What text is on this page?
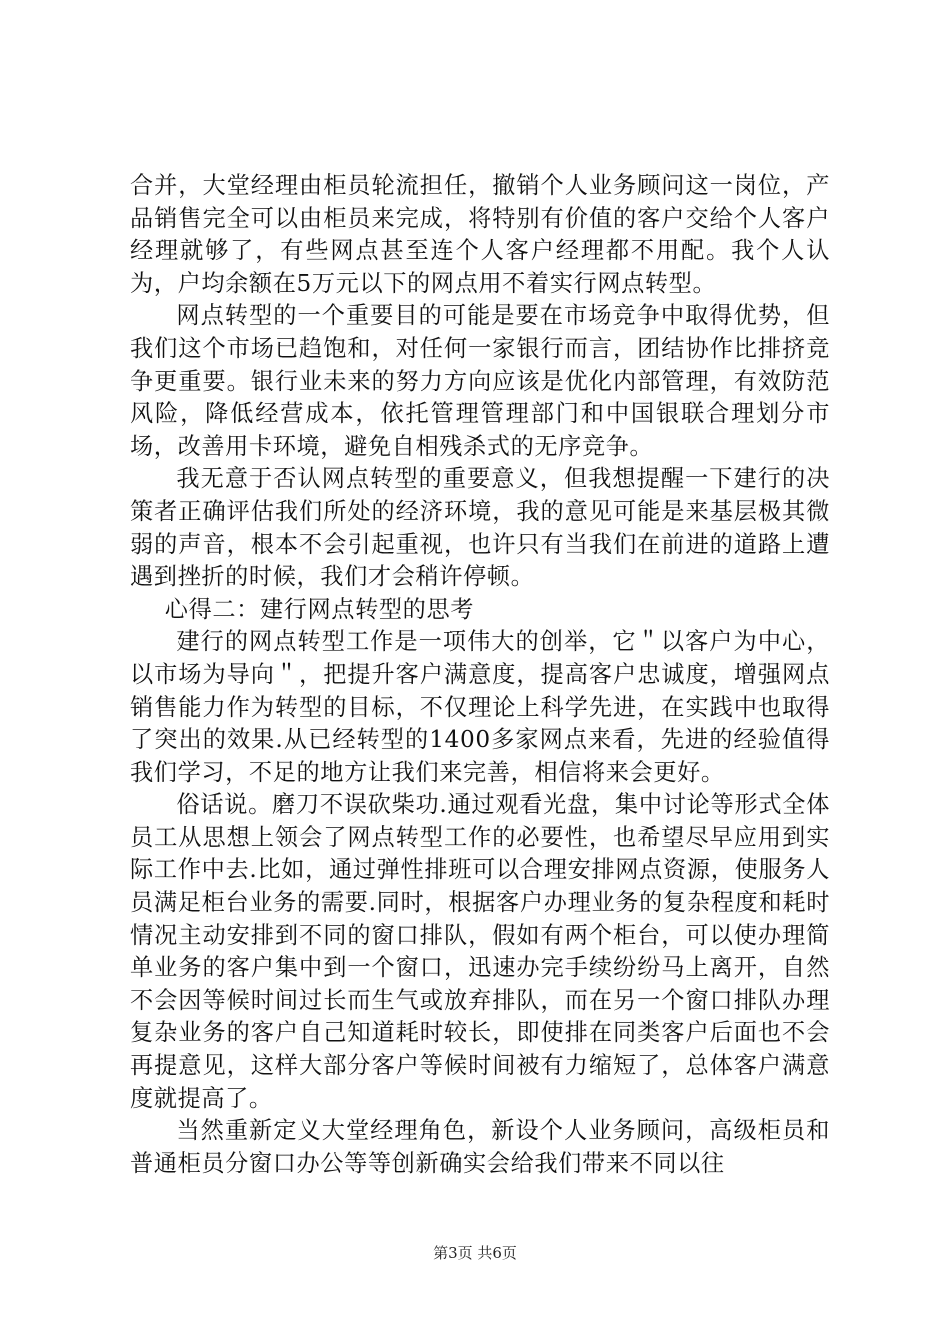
合并，大堂经理由柜员轮流担任，撤销个人业务顾问这一岗位，产品销售完全可以由柜员来完成，将特别有价值的客户交给个人客户经理就够了，有些网点甚至连个人客户经理都不用配。我个人认为，户均余额在5万元以下的网点用不着实行网点转型。

网点转型的一个重要目的可能是要在市场竞争中取得优势，但我们这个市场已趋饱和，对任何一家银行而言，团结协作比排挤竞争更重要。银行业未来的努力方向应该是优化内部管理，有效防范风险，降低经营成本，依托管理管理部门和中国银联合理划分市场，改善用卡环境，避免自相残杀式的无序竞争。

我无意于否认网点转型的重要意义，但我想提醒一下建行的决策者正确评估我们所处的经济环境，我的意见可能是来基层极其微弱的声音，根本不会引起重视，也许只有当我们在前进的道路上遭遇到挫折的时候，我们才会稍许停顿。

心得二：建行网点转型的思考

建行的网点转型工作是一项伟大的创举，它＂以客户为中心，以市场为导向＂，把提升客户满意度，提高客户忠诚度，增强网点销售能力作为转型的目标，不仅理论上科学先进，在实践中也取得了突出的效果.从已经转型的1400多家网点来看，先进的经验值得我们学习，不足的地方让我们来完善，相信将来会更好。

俗话说。磨刀不误砍柴功.通过观看光盘，集中讨论等形式全体员工从思想上领会了网点转型工作的必要性，也希望尽早应用到实际工作中去.比如，通过弹性排班可以合理安排网点资源，使服务人员满足柜台业务的需要.同时，根据客户办理业务的复杂程度和耗时情况主动安排到不同的窗口排队，假如有两个柜台，可以使办理简单业务的客户集中到一个窗口，迅速办完手续纷纷马上离开，自然不会因等候时间过长而生气或放弃排队，而在另一个窗口排队办理复杂业务的客户自己知道耗时较长，即使排在同类客户后面也不会再提意见，这样大部分客户等候时间被有力缩短了，总体客户满意度就提高了。

当然重新定义大堂经理角色，新设个人业务顾问，高级柜员和普通柜员分窗口办公等等创新确实会给我们带来不同以往

第3页 共6页
